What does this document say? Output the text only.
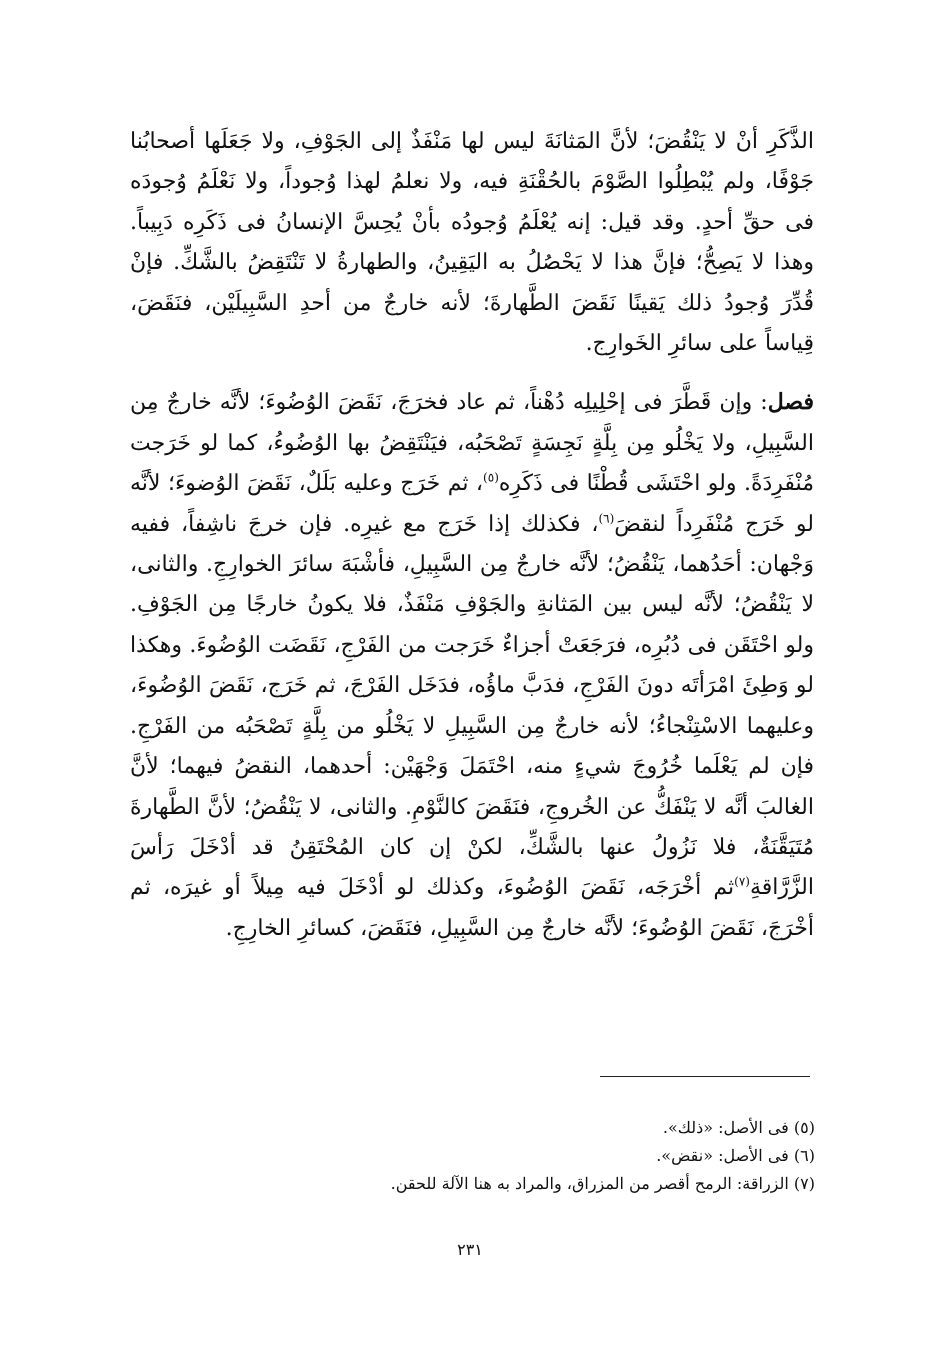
الذَّكَرِ أنْ لا يَنْقُضَ؛ لأنَّ المَثانَةَ ليس لها مَنْفَذٌ إلى الجَوْفِ، ولا جَعَلَها أصحابُنا جَوْفًا، ولم يُبْطِلُوا الصَّوْمَ بالحُقْنَةِ فيه، ولا نعلمُ لهذا وُجوداً، ولا نَعْلَمُ وُجودَه فى حقِّ أحدٍ. وقد قيل: إنه يُعْلَمُ وُجودُه بأنْ يُحِسَّ الإنسانُ فى ذَكَرِه دَبِيباً. وهذا لا يَصِحُّ؛ فإنَّ هذا لا يَحْصُلُ به اليَقِينُ، والطهارةُ لا تَنْتَقِضُ بالشَّكِّ. فإنْ قُدِّرَ وُجودُ ذلك يَقينًا نَقَضَ الطَّهارةَ؛ لأنه خارجٌ من أحدِ السَّبِيلَيْن، فنَقَضَ، قِياساً على سائرِ الخَوارِج.

فصل: وإن قَطَّرَ فى إحْلِيلِه دُهْناً، ثم عاد فخرَجَ، نَقَضَ الوُضُوءَ؛ لأنَّه خارجٌ مِن السَّبِيلِ، ولا يَخْلُو مِن بِلَّةٍ نَجِسَةٍ تَصْحَبُه، فيَنْتَقِضُ بها الوُضُوءُ، كما لو خَرَجت مُنْفَرِدَةً. ولو احْتَشَى قُطْنًا فى ذَكَرِه$^{(٥)}$، ثم خَرَج وعليه بَلَلٌ، نَقَضَ الوُضوءَ؛ لأنَّه لو خَرَج مُنْفَرِداً لنقضَ$^{(٦)}$، فكذلك إذا خَرَج مع غيرِه. فإن خرجَ ناشِفاً، ففيه وَجْهان: أحَدُهما، يَنْقُضُ؛ لأنَّه خارجٌ مِن السَّبِيلِ، فأشْبَهَ سائرَ الخوارِجِ. والثانى، لا يَنْقُضُ؛ لأنَّه ليس بين المَثانةِ والجَوْفِ مَنْفَذٌ، فلا يكونُ خارجًا مِن الجَوْفِ. ولو احْتَقَن فى دُبُرِه، فرَجَعَتْ أجزاءٌ خَرَجت من الفَرْجِ، نَقَضَت الوُضُوءَ. وهكذا لو وَطِئَ امْرَأتَه دونَ الفَرْجِ، فدَبَّ ماؤُه، فدَخَل الفَرْجَ، ثم خَرَج، نَقَضَ الوُضُوءَ، وعليهما الاسْتِنْجاءُ؛ لأنه خارجٌ مِن السَّبِيلِ لا يَخْلُو من بِلَّةٍ تَصْحَبُه من الفَرْجِ. فإن لم يَعْلَما خُرُوجَ شيءٍ منه، احْتَمَلَ وَجْهَيْن: أحدهما، النقضُ فيهما؛ لأنَّ الغالبَ أنَّه لا يَنْفَكُّ عن الخُروجِ، فنَقَضَ كالنَّوْمِ. والثانى، لا يَنْقُضُ؛ لأنَّ الطَّهارةَ مُتَيَقَّنَةٌ، فلا نَزُولُ عنها بالشَّكِّ، لكنْ إن كان المُحْتَقِنُ قد أدْخَلَ رَأسَ الزَّرَّاقةِ$^{(٧)}$ثم أخْرَجَه، نَقَضَ الوُضُوءَ، وكذلك لو أدْخَلَ فيه مِيلاً أو غيرَه، ثم أخْرَجَ، نَقَضَ الوُضُوءَ؛ لأنَّه خارجٌ مِن السَّبِيلِ، فنَقَضَ، كسائرِ الخارِجِ.

(٥) فى الأصل: «ذلك».
(٦) فى الأصل: «نقض».
(٧) الزراقة: الرمح أقصر من المزراق، والمراد به هنا الآلة للحقن.
٢٣١
